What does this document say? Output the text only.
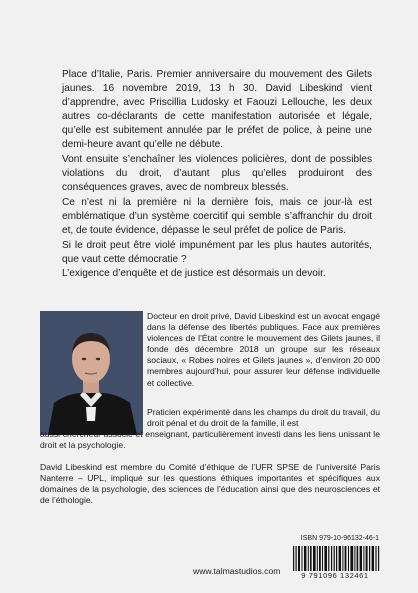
Place d’Italie, Paris. Premier anniversaire du mouvement des Gilets jaunes. 16 novembre 2019, 13 h 30. David Libeskind vient d’apprendre, avec Priscillia Ludosky et Faouzi Lellouche, les deux autres co-déclarants de cette manifestation autorisée et légale, qu’elle est subitement annulée par le préfet de police, à peine une demi-heure avant qu’elle ne débute.

Vont ensuite s’enchaîner les violences policières, dont de possibles violations du droit, d’autant plus qu’elles produiront des conséquences graves, avec de nombreux blessés.

Ce n’est ni la première ni la dernière fois, mais ce jour-là est emblématique d’un système coercitif qui semble s’affranchir du droit et, de toute évidence, dépasse le seul préfet de police de Paris.

Si le droit peut être violé impunément par les plus hautes autorités, que vaut cette démocratie ?

L’exigence d’enquête et de justice est désormais un devoir.

Docteur en droit privé, David Libeskind est un avocat engagé dans la défense des libertés publiques. Face aux premières violences de l’État contre le mouvement des Gilets jaunes, il fonde dès décembre 2018 un groupe sur les réseaux sociaux, « Robes noires et Gilets jaunes », d’environ 20 000 membres aujourd’hui, pour assurer leur défense individuelle et collective.

Praticien expérimenté dans les champs du droit du travail, du droit pénal et du droit de la famille, il est

aussi chercheur associé et enseignant, particulièrement investi dans les liens unissant le droit et la psychologie.

David Libeskind est membre du Comité d’éthique de l’UFR SPSE de l’université Paris Nanterre – UPL, impliqué sur les questions éthiques importantes et spécifiques aux domaines de la psychologie, des sciences de l’éducation ainsi que des neurosciences et de l’éthologie.

ISBN 979-10-96132-46-1
www.talmastudios.com	9 791096 132461
